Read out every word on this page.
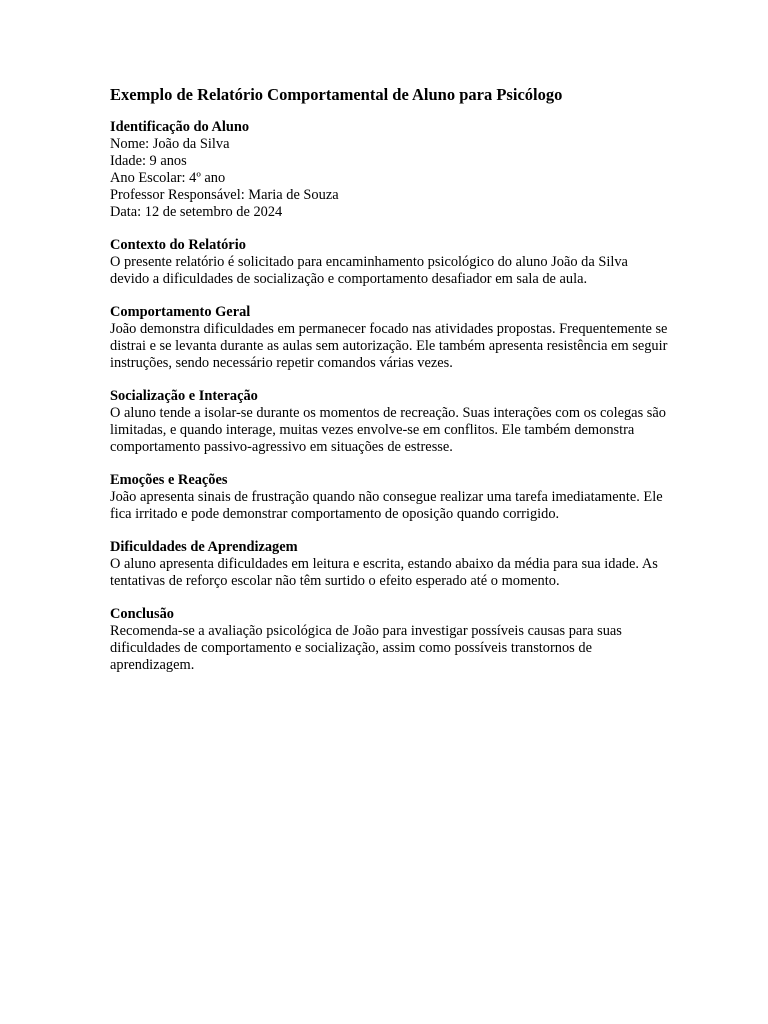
Exemplo de Relatório Comportamental de Aluno para Psicólogo
Identificação do Aluno
Nome: João da Silva
Idade: 9 anos
Ano Escolar: 4º ano
Professor Responsável: Maria de Souza
Data: 12 de setembro de 2024
Contexto do Relatório

O presente relatório é solicitado para encaminhamento psicológico do aluno João da Silva devido a dificuldades de socialização e comportamento desafiador em sala de aula.

Comportamento Geral

João demonstra dificuldades em permanecer focado nas atividades propostas. Frequentemente se distrai e se levanta durante as aulas sem autorização. Ele também apresenta resistência em seguir instruções, sendo necessário repetir comandos várias vezes.

Socialização e Interação

O aluno tende a isolar-se durante os momentos de recreação. Suas interações com os colegas são limitadas, e quando interage, muitas vezes envolve-se em conflitos. Ele também demonstra comportamento passivo-agressivo em situações de estresse.

Emoções e Reações

João apresenta sinais de frustração quando não consegue realizar uma tarefa imediatamente. Ele fica irritado e pode demonstrar comportamento de oposição quando corrigido.

Dificuldades de Aprendizagem

O aluno apresenta dificuldades em leitura e escrita, estando abaixo da média para sua idade. As tentativas de reforço escolar não têm surtido o efeito esperado até o momento.

Conclusão

Recomenda-se a avaliação psicológica de João para investigar possíveis causas para suas dificuldades de comportamento e socialização, assim como possíveis transtornos de aprendizagem.
